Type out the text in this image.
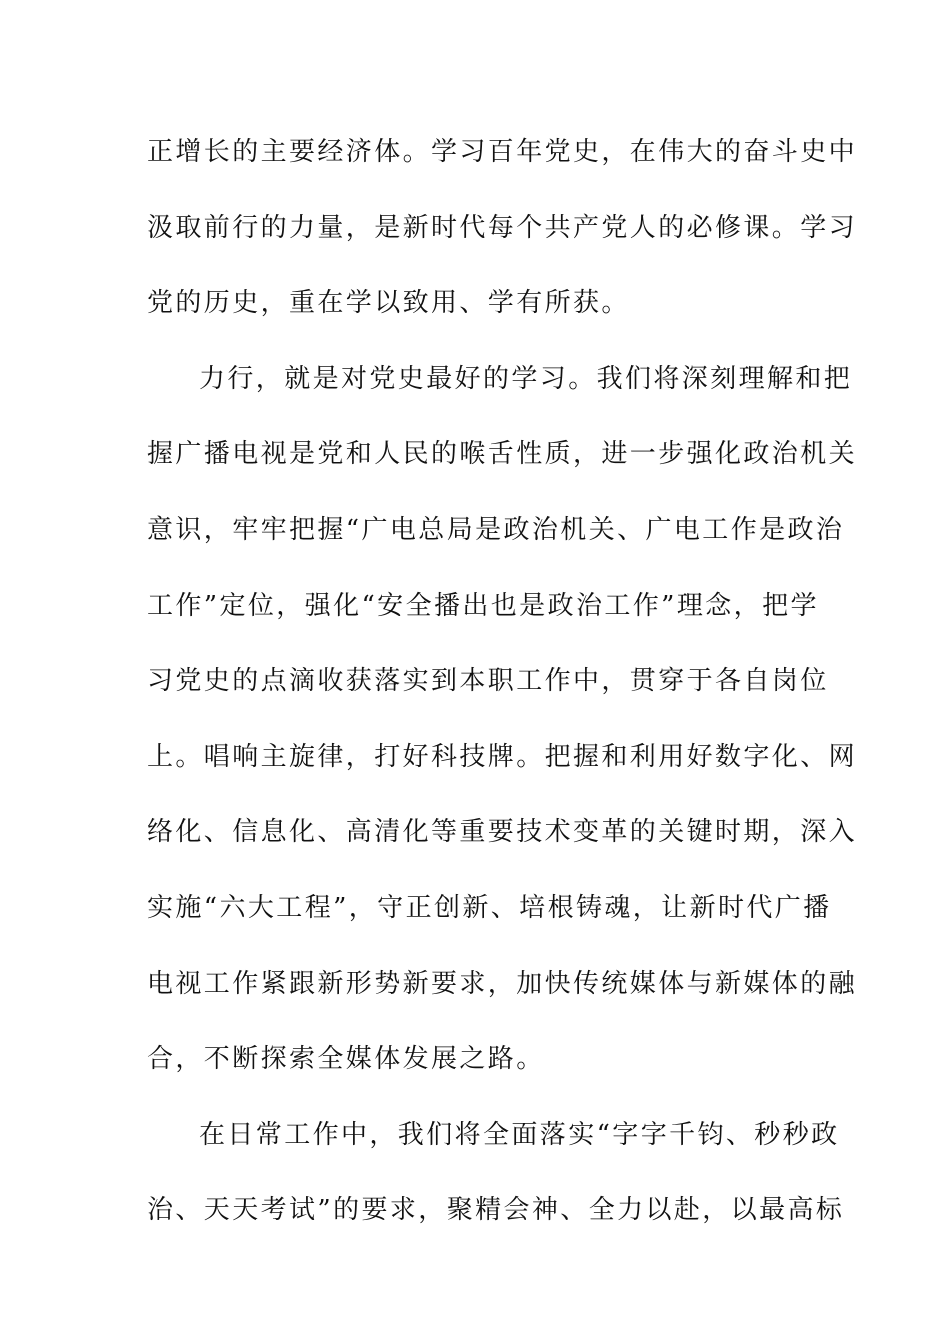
正增长的主要经济体。学习百年党史，在伟大的奋斗史中
汲取前行的力量，是新时代每个共产党人的必修课。学习
党的历史，重在学以致用、学有所获。
力行，就是对党史最好的学习。我们将深刻理解和把
握广播电视是党和人民的喉舌性质，进一步强化政治机关
意识，牢牢把握“广电总局是政治机关、广电工作是政治
工作”定位，强化“安全播出也是政治工作”理念，把学
习党史的点滴收获落实到本职工作中，贯穿于各自岗位
上。唱响主旋律，打好科技牌。把握和利用好数字化、网
络化、信息化、高清化等重要技术变革的关键时期，深入
实施“六大工程”，守正创新、培根铸魂，让新时代广播
电视工作紧跟新形势新要求，加快传统媒体与新媒体的融
合，不断探索全媒体发展之路。
在日常工作中，我们将全面落实“字字千钧、秒秒政
治、天天考试”的要求，聚精会神、全力以赴，以最高标
